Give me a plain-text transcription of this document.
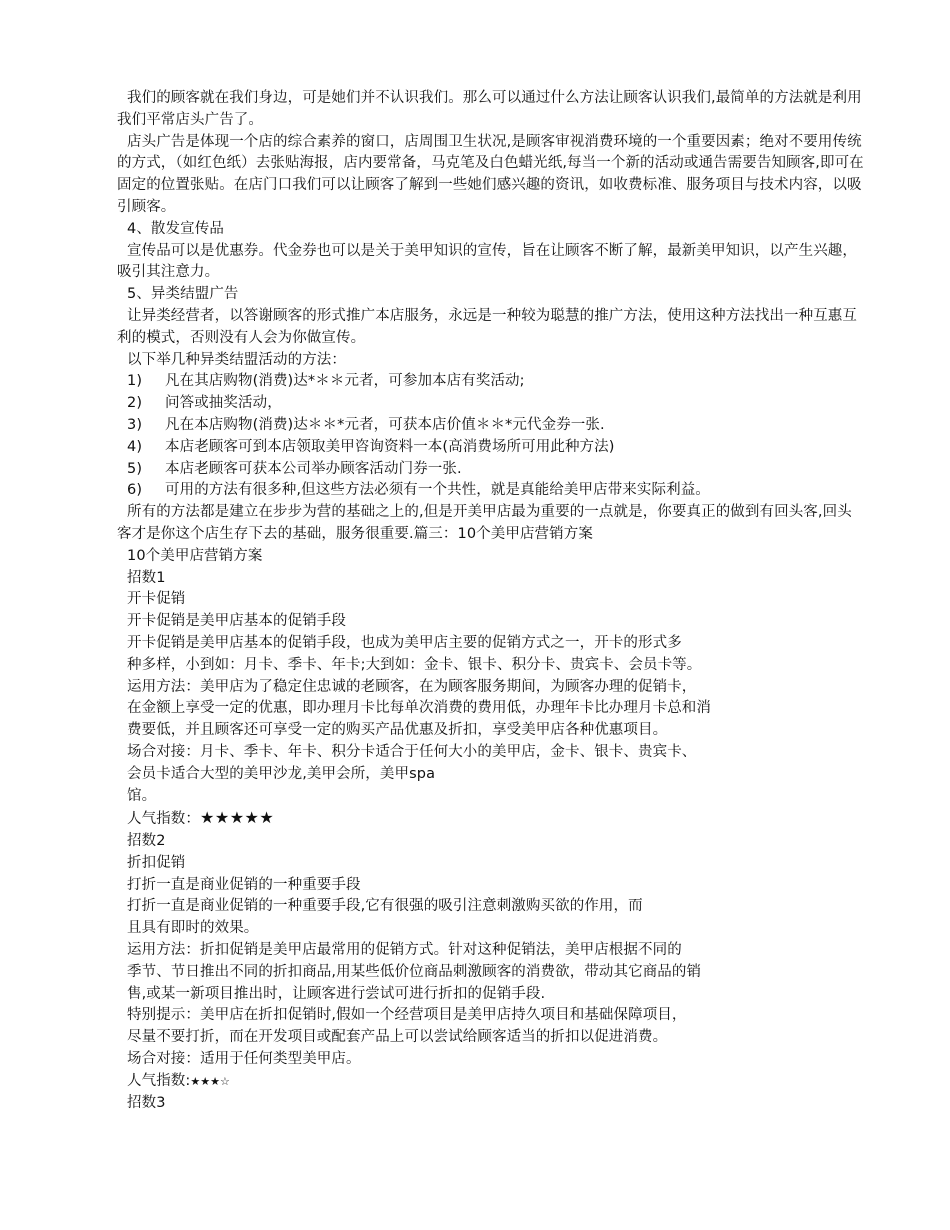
我们的顾客就在我们身边，可是她们并不认识我们。那么可以通过什么方法让顾客认识我们,最简单的方法就是利用我们平常店头广告了。

店头广告是体现一个店的综合素养的窗口，店周围卫生状况,是顾客审视消费环境的一个重要因素；绝对不要用传统的方式，（如红色纸）去张贴海报，店内要常备，马克笔及白色蜡光纸,每当一个新的活动或通告需要告知顾客,即可在固定的位置张贴。在店门口我们可以让顾客了解到一些她们感兴趣的资讯，如收费标准、服务项目与技术内容，以吸引顾客。

4、散发宣传品

宣传品可以是优惠券。代金券也可以是关于美甲知识的宣传，旨在让顾客不断了解，最新美甲知识，以产生兴趣，吸引其注意力。

5、异类结盟广告

让异类经营者，以答谢顾客的形式推广本店服务，永远是一种较为聪慧的推广方法，使用这种方法找出一种互惠互利的模式，否则没有人会为你做宣传。

以下举几种异类结盟活动的方法：
1) 凡在其店购物(消费)达*＊＊元者，可参加本店有奖活动;
2) 问答或抽奖活动，
3) 凡在本店购物(消费)达＊＊*元者，可获本店价值＊＊*元代金券一张.
4) 本店老顾客可到本店领取美甲咨询资料一本(高消费场所可用此种方法)
5) 本店老顾客可获本公司举办顾客活动门券一张.
6) 可用的方法有很多种,但这些方法必须有一个共性，就是真能给美甲店带来实际利益。

所有的方法都是建立在步步为营的基础之上的,但是开美甲店最为重要的一点就是，你要真正的做到有回头客,回头客才是你这个店生存下去的基础，服务很重要.篇三：10个美甲店营销方案

10个美甲店营销方案
招数1
开卡促销
开卡促销是美甲店基本的促销手段
开卡促销是美甲店基本的促销手段，也成为美甲店主要的促销方式之一，开卡的形式多
种多样，小到如：月卡、季卡、年卡;大到如：金卡、银卡、积分卡、贵宾卡、会员卡等。
运用方法：美甲店为了稳定住忠诚的老顾客，在为顾客服务期间，为顾客办理的促销卡，
在金额上享受一定的优惠，即办理月卡比每单次消费的费用低，办理年卡比办理月卡总和消
费要低，并且顾客还可享受一定的购买产品优惠及折扣，享受美甲店各种优惠项目。
场合对接：月卡、季卡、年卡、积分卡适合于任何大小的美甲店，金卡、银卡、贵宾卡、
会员卡适合大型的美甲沙龙,美甲会所，美甲spa
馆。
人气指数：★★★★★
招数2
折扣促销
打折一直是商业促销的一种重要手段
打折一直是商业促销的一种重要手段,它有很强的吸引注意刺激购买欲的作用，而
且具有即时的效果。
运用方法：折扣促销是美甲店最常用的促销方式。针对这种促销法，美甲店根据不同的
季节、节日推出不同的折扣商品,用某些低价位商品刺激顾客的消费欲，带动其它商品的销
售,或某一新项目推出时，让顾客进行尝试可进行折扣的促销手段.
特别提示：美甲店在折扣促销时,假如一个经营项目是美甲店持久项目和基础保障项目，
尽量不要打折，而在开发项目或配套产品上可以尝试给顾客适当的折扣以促进消费。
场合对接：适用于任何类型美甲店。
人气指数:★★★☆
招数3
